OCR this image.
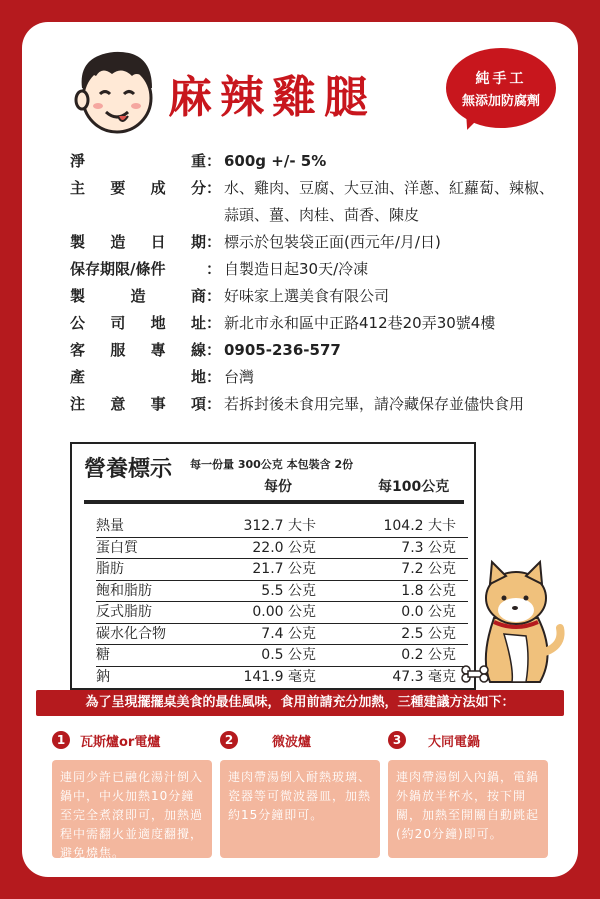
麻辣雞腿	純手工
無添加防腐劑
淨	重 ： 600g +/- 5%
主 要 成 分 ： 水、雞肉、豆腐、大豆油、洋蔥、紅蘿蔔、辣椒、
蒜頭、薑、肉桂、茴香、陳皮
製 造 日 期 ： 標示於包裝袋正面(西元年/月/日)
保存期限/條件	： 自製造日起30天/冷凍
製	造	商 ： 好味家上選美食有限公司
公 司 地 址 ： 新北市永和區中正路412巷20弄30號4樓
客 服 專 線 ： 0905-236-577
產	地 ： 台灣
注 意 事 項 ： 若拆封後未食用完畢，請冷藏保存並儘快食用
營養標示 每一份量 300公克 本包裝含 2份
每份	每100公克
熱量	312.7 大卡	104.2 大卡
蛋白質	22.0 公克	7.3 公克
脂肪	21.7 公克	7.2 公克
飽和脂肪	5.5 公克	1.8 公克
反式脂肪	0.00 公克	0.0 公克
碳水化合物	7.4 公克	2.5 公克
糖	0.5 公克	0.2 公克
鈉	141.9 毫克	47.3 毫克
為了呈現擺擺桌美食的最佳風味，食用前請充分加熱，三種建議方法如下：
1	瓦斯爐or電爐
連同少許已融化湯汁倒入鍋中，中火加熱10分鐘至完全煮滾即可，加熱過程中需翻火並適度翻攪，避免燒焦。
2	微波爐
連肉帶湯倒入耐熱玻璃、瓷器等可微波器皿，加熱約15分鐘即可。
3	大同電鍋
連肉帶湯倒入內鍋，電鍋外鍋放半杯水，按下開關，加熱至開關自動跳起(約20分鐘)即可。
